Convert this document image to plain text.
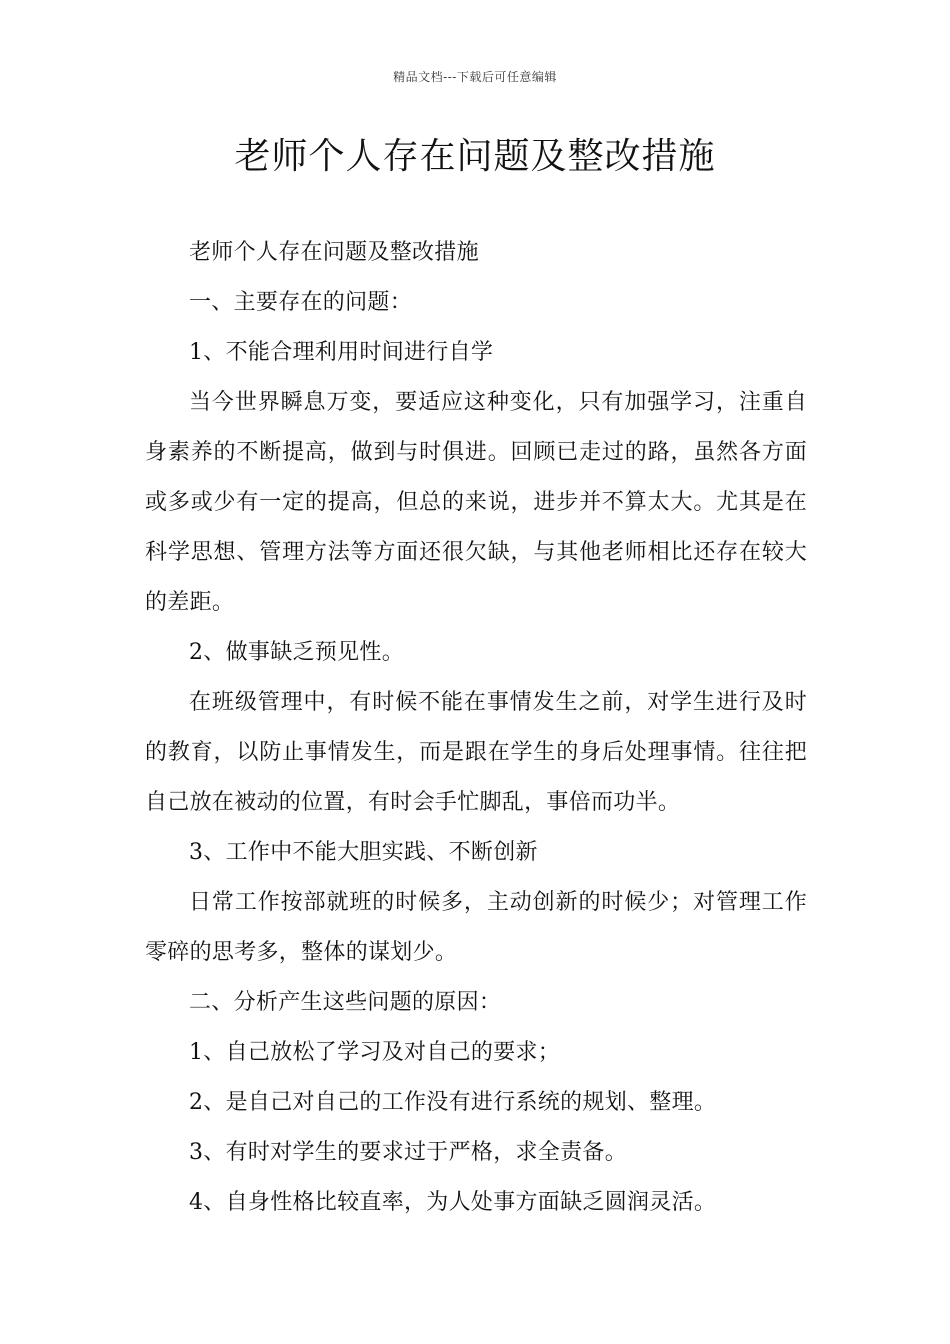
精品文档---下载后可任意编辑
老师个人存在问题及整改措施

老师个人存在问题及整改措施

一、主要存在的问题：

1、不能合理利用时间进行自学

当今世界瞬息万变，要适应这种变化，只有加强学习，注重自身素养的不断提高，做到与时俱进。回顾已走过的路，虽然各方面或多或少有一定的提高，但总的来说，进步并不算太大。尤其是在科学思想、管理方法等方面还很欠缺，与其他老师相比还存在较大的差距。

2、做事缺乏预见性。

在班级管理中，有时候不能在事情发生之前，对学生进行及时的教育，以防止事情发生，而是跟在学生的身后处理事情。往往把自己放在被动的位置，有时会手忙脚乱，事倍而功半。

3、工作中不能大胆实践、不断创新

日常工作按部就班的时候多，主动创新的时候少；对管理工作零碎的思考多，整体的谋划少。

二、分析产生这些问题的原因：

1、自己放松了学习及对自己的要求；

2、是自己对自己的工作没有进行系统的规划、整理。

3、有时对学生的要求过于严格，求全责备。

4、自身性格比较直率，为人处事方面缺乏圆润灵活。
